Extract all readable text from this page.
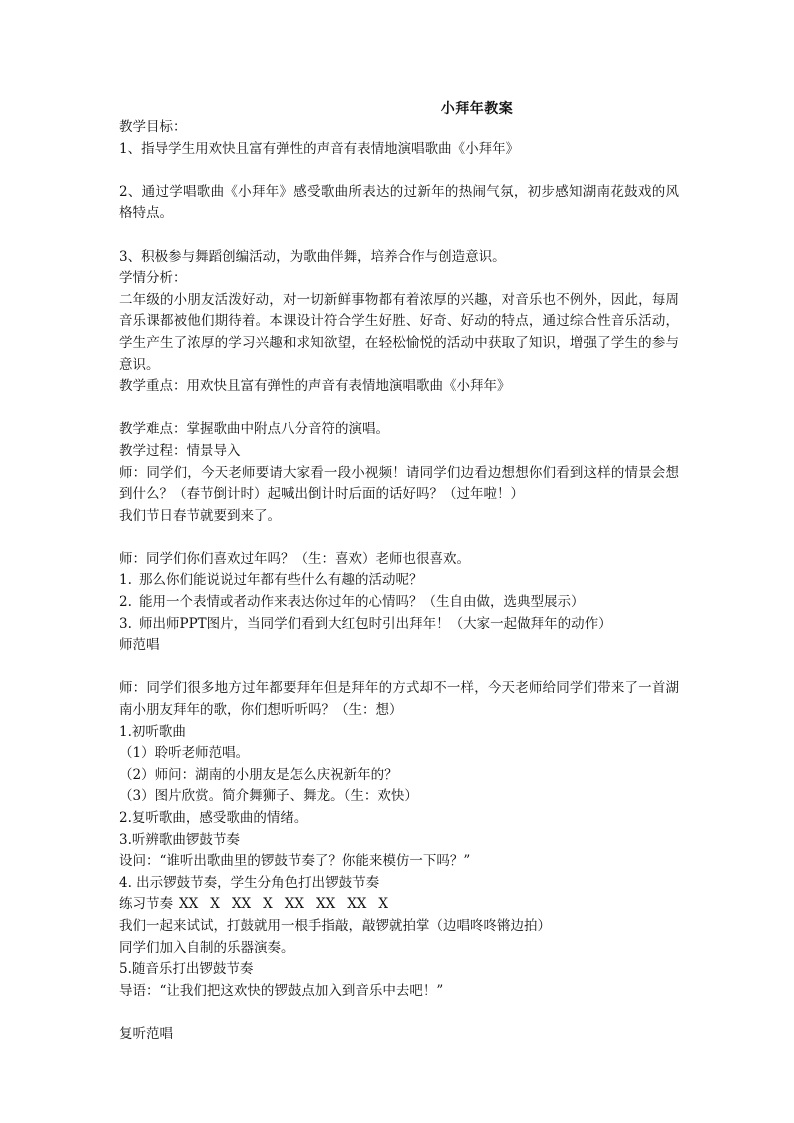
小拜年教案
教学目标：
1、指导学生用欢快且富有弹性的声音有表情地演唱歌曲《小拜年》
2、通过学唱歌曲《小拜年》感受歌曲所表达的过新年的热闹气氛，初步感知湖南花鼓戏的风格特点。
3、积极参与舞蹈创编活动，为歌曲伴舞，培养合作与创造意识。
学情分析：
二年级的小朋友活泼好动，对一切新鲜事物都有着浓厚的兴趣，对音乐也不例外，因此，每周音乐课都被他们期待着。本课设计符合学生好胜、好奇、好动的特点，通过综合性音乐活动，学生产生了浓厚的学习兴趣和求知欲望，在轻松愉悦的活动中获取了知识，增强了学生的参与意识。
教学重点：用欢快且富有弹性的声音有表情地演唱歌曲《小拜年》
教学难点：掌握歌曲中附点八分音符的演唱。
教学过程：情景导入
师：同学们，今天老师要请大家看一段小视频！请同学们边看边想想你们看到这样的情景会想到什么？（春节倒计时）起喊出倒计时后面的话好吗？（过年啦！）
我们节日春节就要到来了。
师：同学们你们喜欢过年吗？（生：喜欢）老师也很喜欢。
1. 那么你们能说说过年都有些什么有趣的活动呢？
2. 能用一个表情或者动作来表达你过年的心情吗？（生自由做，选典型展示）
3. 师出师PPT图片，当同学们看到大红包时引出拜年！（大家一起做拜年的动作）
师范唱
师：同学们很多地方过年都要拜年但是拜年的方式却不一样，今天老师给同学们带来了一首湖南小朋友拜年的歌，你们想听听吗？（生：想）
1.初听歌曲
（1）聆听老师范唱。
（2）师问：湖南的小朋友是怎么庆祝新年的？
（3）图片欣赏。简介舞狮子、舞龙。（生：欢快）
2.复听歌曲，感受歌曲的情绪。
3.听辨歌曲锣鼓节奏
设问：“谁听出歌曲里的锣鼓节奏了？你能来模仿一下吗？”
4. 出示锣鼓节奏，学生分角色打出锣鼓节奏
练习节奏 XX X XX X XX XX XX X
我们一起来试试，打鼓就用一根手指敲，敲锣就拍掌（边唱咚咚锵边拍）
同学们加入自制的乐器演奏。
5.随音乐打出锣鼓节奏
导语：“让我们把这欢快的锣鼓点加入到音乐中去吧！”
复听范唱
